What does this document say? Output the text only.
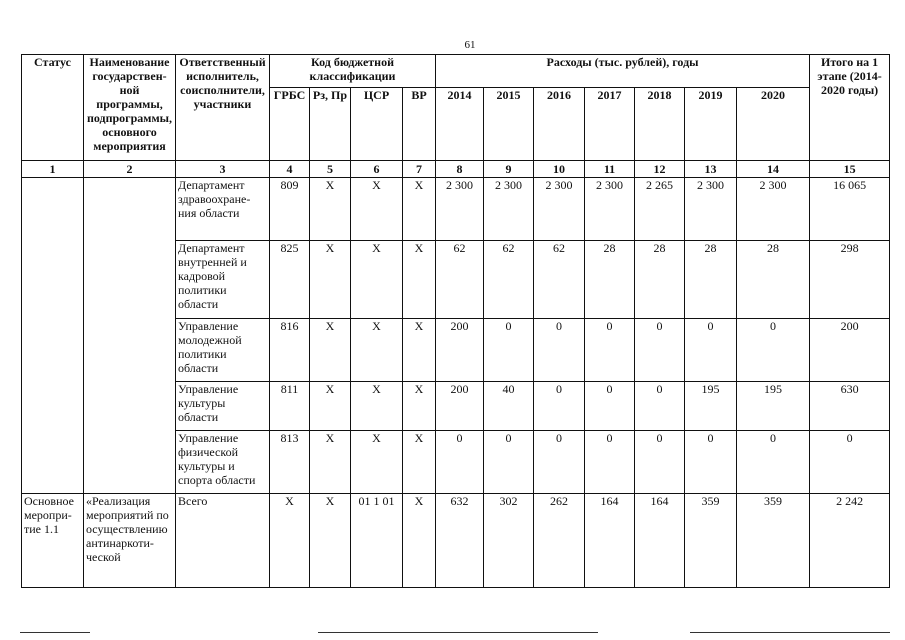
61
Статус	Наименование государствен-ной программы, подпрограммы, основного мероприятия	Ответственный исполнитель, соисполнители, участники	Код бюджетной классификации				Расходы (тыс. рублей), годы							Итого на 1 этапе (2014-2020 годы)
			ГРБС	Рз, Пр	ЦСР	ВР	2014	2015	2016	2017	2018	2019	2020	
1	2	3	4	5	6	7	8	9	10	11	12	13	14	15
		Департамент здравоохране-ния области	809	Х	Х	Х	2 300	2 300	2 300	2 300	2 265	2 300	2 300	16 065
		Департамент внутренней и кадровой политики области	825	Х	Х	Х	62	62	62	28	28	28	28	298
		Управление молодежной политики области	816	Х	Х	Х	200	0	0	0	0	0	0	200
		Управление культуры области	811	Х	Х	Х	200	40	0	0	0	195	195	630
		Управление физической культуры и спорта области	813	Х	Х	Х	0	0	0	0	0	0	0	0
Основное меропри-тие 1.1	«Реализация мероприятий по осуществлению антинаркоти-ческой	Всего	Х	Х	01 1 01	Х	632	302	262	164	164	359	359	2 242
